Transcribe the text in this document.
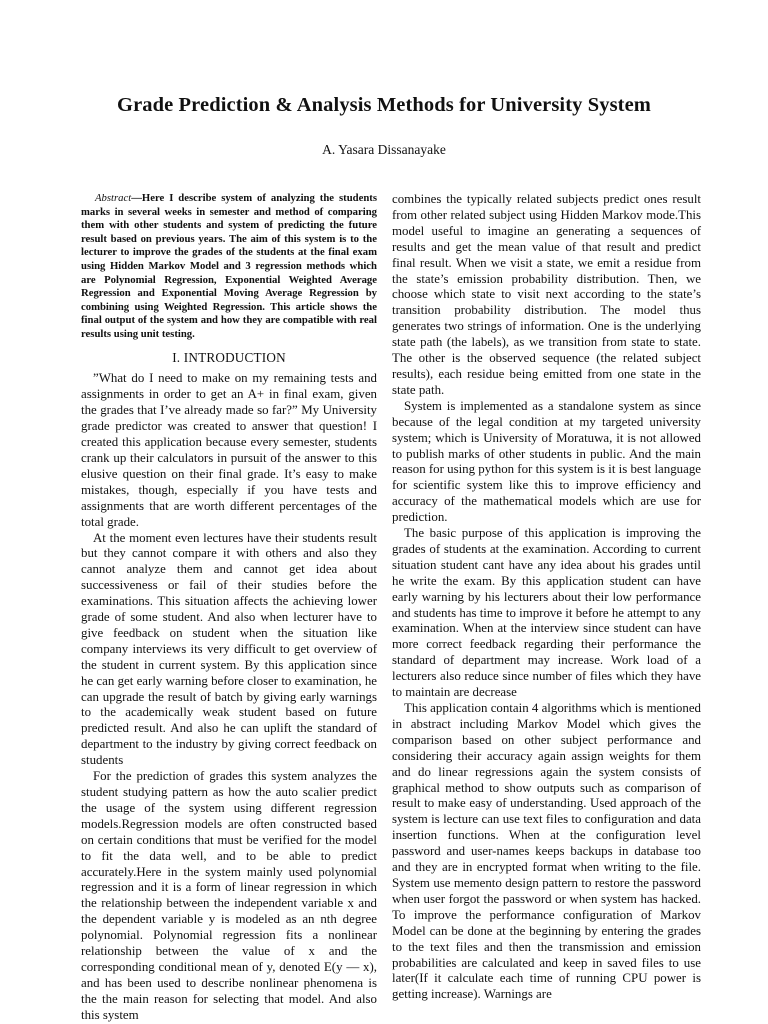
Grade Prediction & Analysis Methods for University System
A. Yasara Dissanayake
Abstract—Here I describe system of analyzing the students marks in several weeks in semester and method of comparing them with other students and system of predicting the future result based on previous years. The aim of this system is to the lecturer to improve the grades of the students at the final exam using Hidden Markov Model and 3 regression methods which are Polynomial Regression, Exponential Weighted Average Regression and Exponential Moving Average Regression by combining using Weighted Regression. This article shows the final output of the system and how they are compatible with real results using unit testing.
I. INTRODUCTION

”What do I need to make on my remaining tests and assignments in order to get an A+ in final exam, given the grades that I’ve already made so far?” My University grade predictor was created to answer that question! I created this application because every semester, students crank up their calculators in pursuit of the answer to this elusive question on their final grade. It’s easy to make mistakes, though, especially if you have tests and assignments that are worth different percentages of the total grade.

At the moment even lectures have their students result but they cannot compare it with others and also they cannot analyze them and cannot get idea about successiveness or fail of their studies before the examinations. This situation affects the achieving lower grade of some student. And also when lecturer have to give feedback on student when the situation like company interviews its very difficult to get overview of the student in current system. By this application since he can get early warning before closer to examination, he can upgrade the result of batch by giving early warnings to the academically weak student based on future predicted result. And also he can uplift the standard of department to the industry by giving correct feedback on students

For the prediction of grades this system analyzes the student studying pattern as how the auto scalier predict the usage of the system using different regression models.Regression models are often constructed based on certain conditions that must be verified for the model to fit the data well, and to be able to predict accurately.Here in the system mainly used polynomial regression and it is a form of linear regression in which the relationship between the independent variable x and the dependent variable y is modeled as an nth degree polynomial. Polynomial regression fits a nonlinear relationship between the value of x and the corresponding conditional mean of y, denoted E(y — x), and has been used to describe nonlinear phenomena is the the main reason for selecting that model. And also this system

combines the typically related subjects predict ones result from other related subject using Hidden Markov mode.This model useful to imagine an generating a sequences of results and get the mean value of that result and predict final result. When we visit a state, we emit a residue from the state’s emission probability distribution. Then, we choose which state to visit next according to the state’s transition probability distribution. The model thus generates two strings of information. One is the underlying state path (the labels), as we transition from state to state. The other is the observed sequence (the related subject results), each residue being emitted from one state in the state path.

System is implemented as a standalone system as since because of the legal condition at my targeted university system; which is University of Moratuwa, it is not allowed to publish marks of other students in public. And the main reason for using python for this system is it is best language for scientific system like this to improve efficiency and accuracy of the mathematical models which are use for prediction.

The basic purpose of this application is improving the grades of students at the examination. According to current situation student cant have any idea about his grades until he write the exam. By this application student can have early warning by his lecturers about their low performance and students has time to improve it before he attempt to any examination. When at the interview since student can have more correct feedback regarding their performance the standard of department may increase. Work load of a lecturers also reduce since number of files which they have to maintain are decrease

This application contain 4 algorithms which is mentioned in abstract including Markov Model which gives the comparison based on other subject performance and considering their accuracy again assign weights for them and do linear regressions again the system consists of graphical method to show outputs such as comparison of result to make easy of understanding. Used approach of the system is lecture can use text files to configuration and data insertion functions. When at the configuration level password and user-names keeps backups in database too and they are in encrypted format when writing to the file. System use memento design pattern to restore the password when user forgot the password or when system has hacked. To improve the performance configuration of Markov Model can be done at the beginning by entering the grades to the text files and then the transmission and emission probabilities are calculated and keep in saved files to use later(If it calculate each time of running CPU power is getting increase). Warnings are
